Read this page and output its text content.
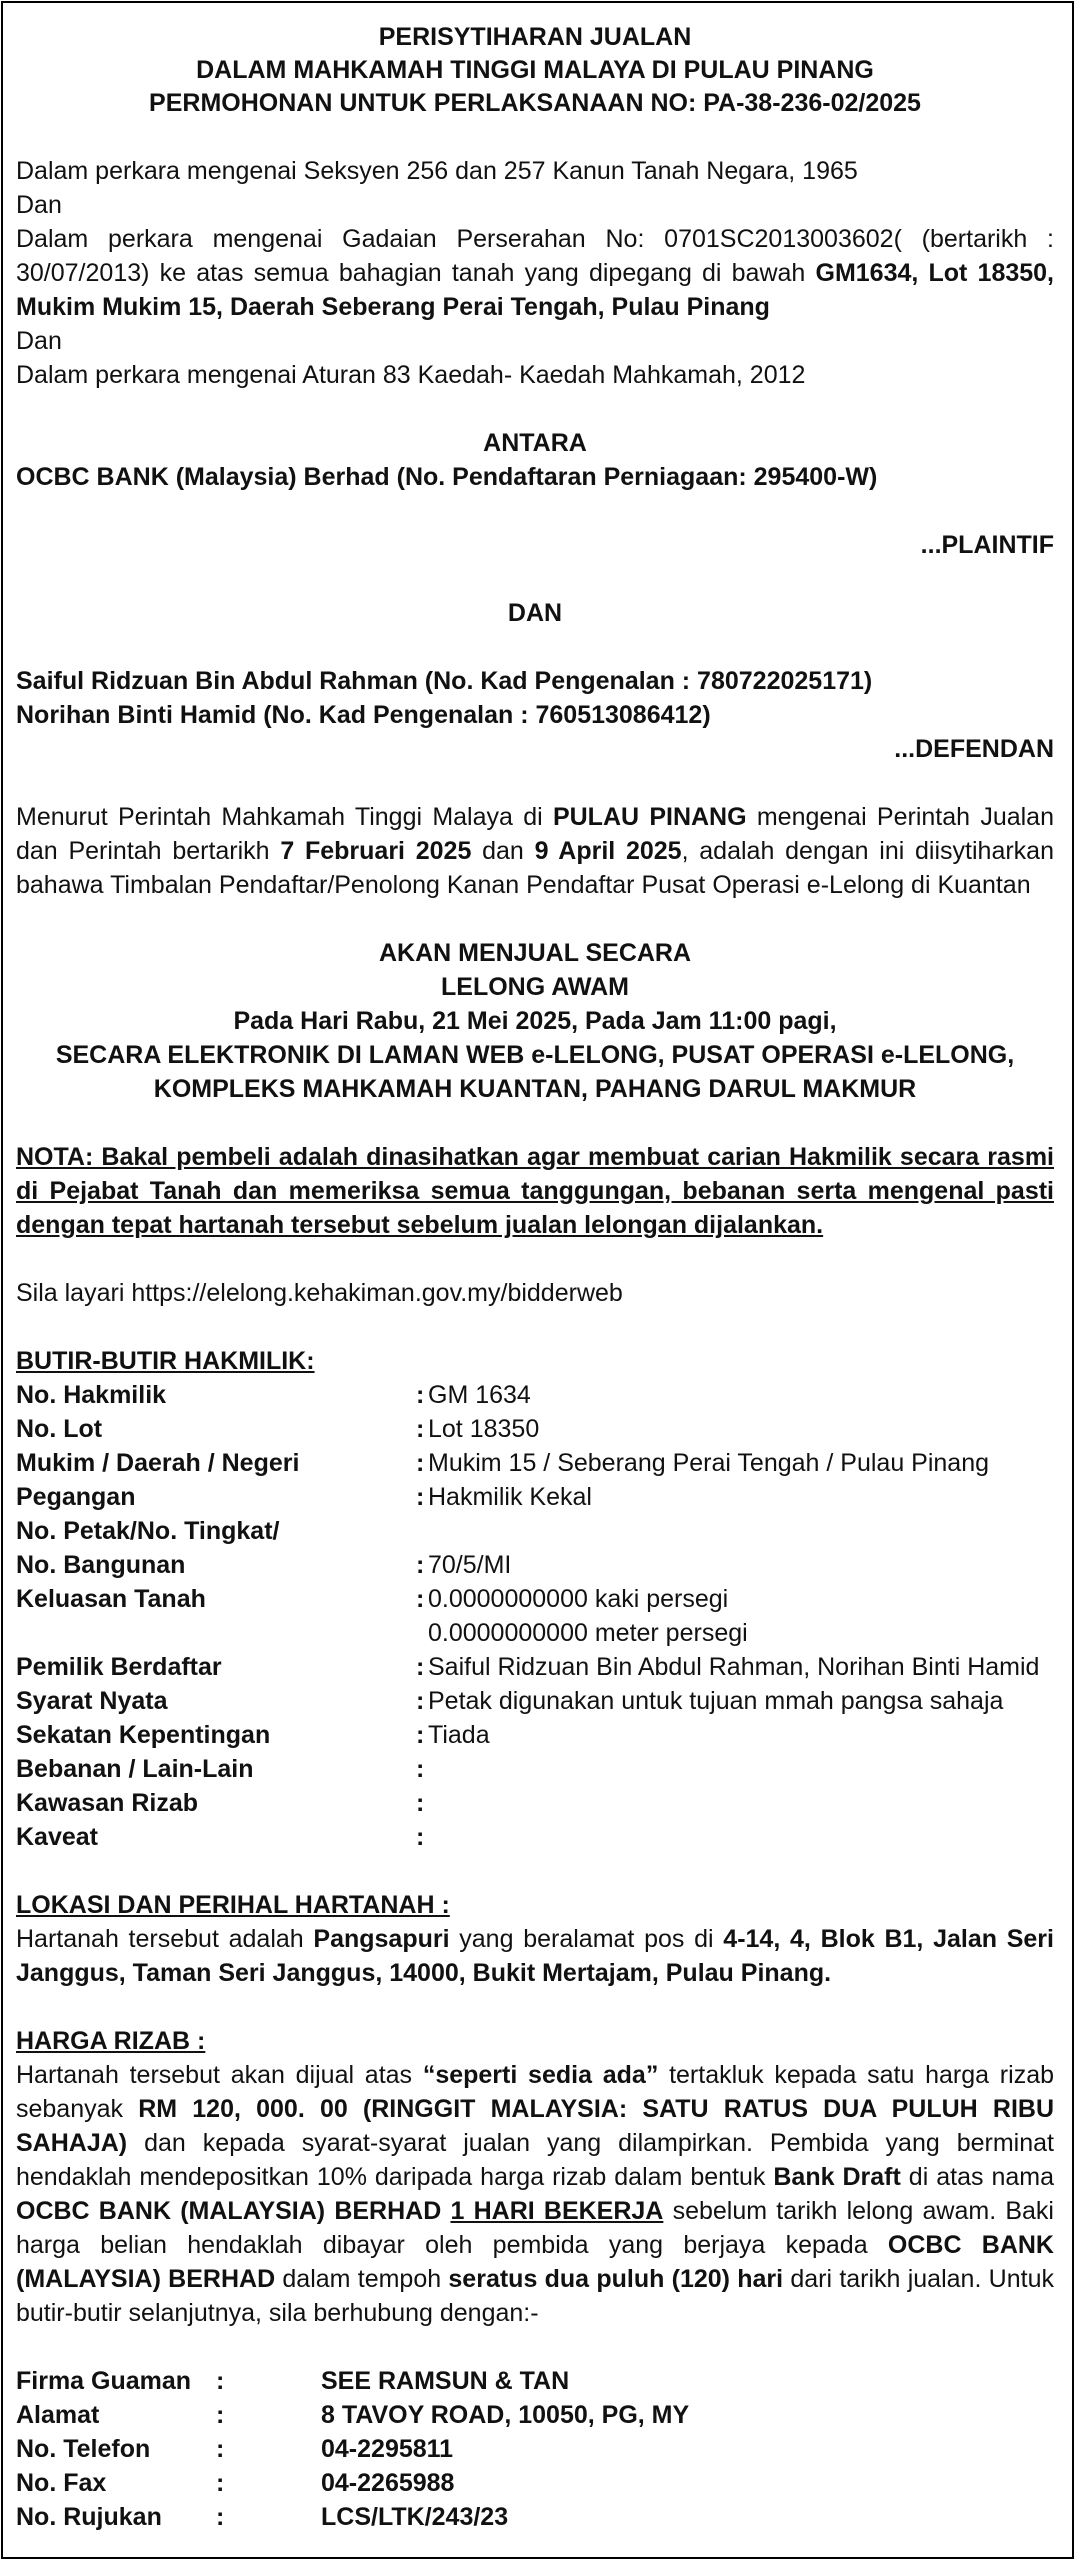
PERISYTIHARAN JUALAN
DALAM MAHKAMAH TINGGI MALAYA DI PULAU PINANG
PERMOHONAN UNTUK PERLAKSANAAN NO: PA-38-236-02/2025

Dalam perkara mengenai Seksyen 256 dan 257 Kanun Tanah Negara, 1965

Dan

Dalam perkara mengenai Gadaian Perserahan No: 0701SC2013003602( (bertarikh : 30/07/2013) ke atas semua bahagian tanah yang dipegang di bawah GM1634, Lot 18350, Mukim Mukim 15, Daerah Seberang Perai Tengah, Pulau Pinang

Dan

Dalam perkara mengenai Aturan 83 Kaedah- Kaedah Mahkamah, 2012

ANTARA

OCBC BANK (Malaysia) Berhad (No. Pendaftaran Perniagaan: 295400-W)

...PLAINTIF

DAN

Saiful Ridzuan Bin Abdul Rahman (No. Kad Pengenalan : 780722025171)

Norihan Binti Hamid (No. Kad Pengenalan : 760513086412)

...DEFENDAN

Menurut Perintah Mahkamah Tinggi Malaya di PULAU PINANG mengenai Perintah Jualan dan Perintah bertarikh 7 Februari 2025 dan 9 April 2025, adalah dengan ini diisytiharkan bahawa Timbalan Pendaftar/Penolong Kanan Pendaftar Pusat Operasi e-Lelong di Kuantan

AKAN MENJUAL SECARA

LELONG AWAM

Pada Hari Rabu, 21 Mei 2025, Pada Jam 11:00 pagi,

SECARA ELEKTRONIK DI LAMAN WEB e-LELONG, PUSAT OPERASI e-LELONG,

KOMPLEKS MAHKAMAH KUANTAN, PAHANG DARUL MAKMUR

NOTA: Bakal pembeli adalah dinasihatkan agar membuat carian Hakmilik secara rasmi di Pejabat Tanah dan memeriksa semua tanggungan, bebanan serta mengenal pasti dengan tepat hartanah tersebut sebelum jualan lelongan dijalankan.

Sila layari https://elelong.kehakiman.gov.my/bidderweb

BUTIR-BUTIR HAKMILIK:

No. Hakmilik	: GM 1634
No. Lot	: Lot 18350
Mukim / Daerah / Negeri	: Mukim 15 / Seberang Perai Tengah / Pulau Pinang
Pegangan	: Hakmilik Kekal
No. Petak/No. Tingkat/
No. Bangunan	: 70/5/MI
Keluasan Tanah	: 0.0000000000 kaki persegi
0.0000000000 meter persegi
Pemilik Berdaftar	: Saiful Ridzuan Bin Abdul Rahman, Norihan Binti Hamid
Syarat Nyata	: Petak digunakan untuk tujuan mmah pangsa sahaja
Sekatan Kepentingan	: Tiada
Bebanan / Lain-Lain	:
Kawasan Rizab	:
Kaveat	:

LOKASI DAN PERIHAL HARTANAH :

Hartanah tersebut adalah Pangsapuri yang beralamat pos di 4-14, 4, Blok B1, Jalan Seri Janggus, Taman Seri Janggus, 14000, Bukit Mertajam, Pulau Pinang.

HARGA RIZAB :

Hartanah tersebut akan dijual atas “seperti sedia ada” tertakluk kepada satu harga rizab sebanyak RM 120, 000. 00 (RINGGIT MALAYSIA: SATU RATUS DUA PULUH RIBU SAHAJA) dan kepada syarat-syarat jualan yang dilampirkan. Pembida yang berminat hendaklah mendepositkan 10% daripada harga rizab dalam bentuk Bank Draft di atas nama OCBC BANK (MALAYSIA) BERHAD 1 HARI BEKERJA sebelum tarikh lelong awam. Baki harga belian hendaklah dibayar oleh pembida yang berjaya kepada OCBC BANK (MALAYSIA) BERHAD dalam tempoh seratus dua puluh (120) hari dari tarikh jualan. Untuk butir-butir selanjutnya, sila berhubung dengan:-

Firma Guaman :	SEE RAMSUN & TAN
Alamat	:	8 TAVOY ROAD, 10050, PG, MY
No. Telefon	:	04-2295811
No. Fax	:	04-2265988
No. Rujukan	:	LCS/LTK/243/23
